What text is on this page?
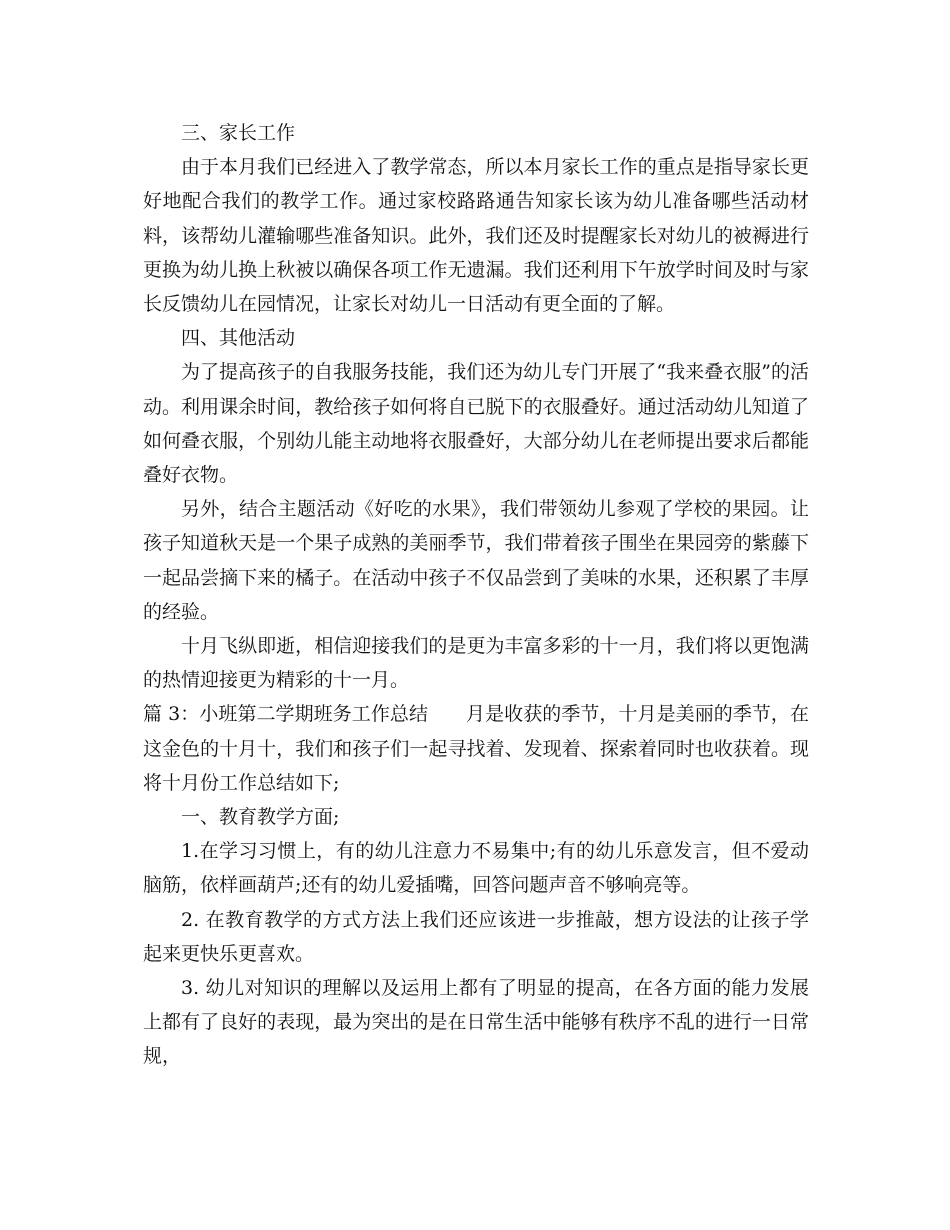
三、家长工作

由于本月我们已经进入了教学常态，所以本月家长工作的重点是指导家长更好地配合我们的教学工作。通过家校路路通告知家长该为幼儿准备哪些活动材料，该帮幼儿灌输哪些准备知识。此外，我们还及时提醒家长对幼儿的被褥进行更换为幼儿换上秋被以确保各项工作无遗漏。我们还利用下午放学时间及时与家长反馈幼儿在园情况，让家长对幼儿一日活动有更全面的了解。

四、其他活动

为了提高孩子的自我服务技能，我们还为幼儿专门开展了“我来叠衣服”的活动。利用课余时间，教给孩子如何将自已脱下的衣服叠好。通过活动幼儿知道了如何叠衣服，个别幼儿能主动地将衣服叠好，大部分幼儿在老师提出要求后都能叠好衣物。

另外，结合主题活动《好吃的水果》，我们带领幼儿参观了学校的果园。让孩子知道秋天是一个果子成熟的美丽季节，我们带着孩子围坐在果园旁的紫藤下一起品尝摘下来的橘子。在活动中孩子不仅品尝到了美味的水果，还积累了丰厚的经验。

十月飞纵即逝，相信迎接我们的是更为丰富多彩的十一月，我们将以更饱满的热情迎接更为精彩的十一月。

篇 3：小班第二学期班务工作总结 月是收获的季节，十月是美丽的季节，在这金色的十月十，我们和孩子们一起寻找着、发现着、探索着同时也收获着。现将十月份工作总结如下;

一、教育教学方面;

1.在学习习惯上，有的幼儿注意力不易集中;有的幼儿乐意发言，但不爱动脑筋，依样画葫芦;还有的幼儿爱插嘴，回答问题声音不够响亮等。

2. 在教育教学的方式方法上我们还应该进一步推敲，想方设法的让孩子学起来更快乐更喜欢。

3. 幼儿对知识的理解以及运用上都有了明显的提高，在各方面的能力发展上都有了良好的表现，最为突出的是在日常生活中能够有秩序不乱的进行一日常规，
